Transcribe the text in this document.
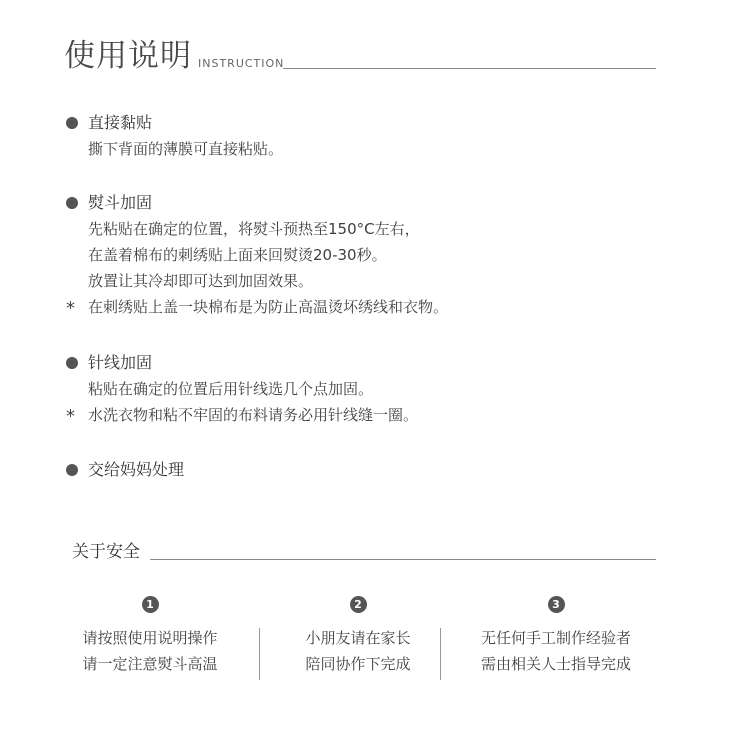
使用说明 INSTRUCTION
直接黏贴
撕下背面的薄膜可直接粘贴。
熨斗加固
先粘贴在确定的位置，将熨斗预热至150°C左右，
在盖着棉布的刺绣贴上面来回熨烫20-30秒。
放置让其冷却即可达到加固效果。
* 在刺绣贴上盖一块棉布是为防止高温烫坏绣线和衣物。
针线加固
粘贴在确定的位置后用针线选几个点加固。
* 水洗衣物和粘不牢固的布料请务必用针线缝一圈。
交给妈妈处理
关于安全
1
请按照使用说明操作
请一定注意熨斗高温
2
小朋友请在家长
陪同协作下完成
3
无任何手工制作经验者
需由相关人士指导完成
